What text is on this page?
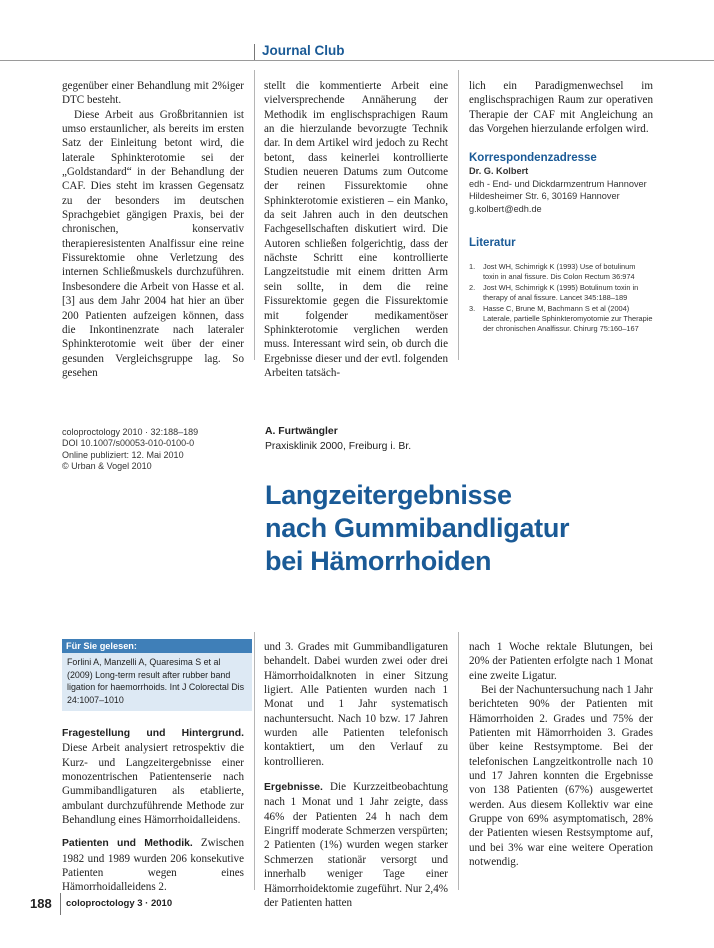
Journal Club

gegenüber einer Behandlung mit 2%iger DTC besteht.

Diese Arbeit aus Großbritannien ist umso erstaunlicher, als bereits im ersten Satz der Einleitung betont wird, die laterale Sphinkterotomie sei der „Goldstandard“ in der Behandlung der CAF. Dies steht im krassen Gegensatz zu der besonders im deutschen Sprachgebiet gängigen Praxis, bei der chronischen, konservativ therapieresistenten Analfissur eine reine Fissurektomie ohne Verletzung des internen Schließmuskels durchzuführen. Insbesondere die Arbeit von Hasse et al. [3] aus dem Jahr 2004 hat hier an über 200 Patienten aufzeigen können, dass die Inkontinenzrate nach lateraler Sphinkterotomie weit über der einer gesunden Vergleichsgruppe lag. So gesehen

stellt die kommentierte Arbeit eine vielversprechende Annäherung der Methodik im englischsprachigen Raum an die hierzulande bevorzugte Technik dar. In dem Artikel wird jedoch zu Recht betont, dass keinerlei kontrollierte Studien neueren Datums zum Outcome der reinen Fissurektomie ohne Sphinkterotomie existieren – ein Manko, da seit Jahren auch in den deutschen Fachgesellschaften diskutiert wird. Die Autoren schließen folgerichtig, dass der nächste Schritt eine kontrollierte Langzeitstudie mit einem dritten Arm sein sollte, in dem die reine Fissurektomie gegen die Fissurektomie mit folgender medikamentöser Sphinkterotomie verglichen werden muss. Interessant wird sein, ob durch die Ergebnisse dieser und der evtl. folgenden Arbeiten tatsäch-

lich ein Paradigmenwechsel im englischsprachigen Raum zur operativen Therapie der CAF mit Angleichung an das Vorgehen hierzulande erfolgen wird.

Korrespondenzadresse
Dr. G. Kolbert
edh - End- und Dickdarmzentrum Hannover
Hildesheimer Str. 6, 30169 Hannover
g.kolbert@edh.de
Literatur
1. Jost WH, Schimrigk K (1993) Use of botulinum toxin in anal fissure. Dis Colon Rectum 36:974
2. Jost WH, Schimrigk K (1995) Botulinum toxin in therapy of anal fissure. Lancet 345:188–189
3. Hasse C, Brune M, Bachmann S et al (2004) Laterale, partielle Sphinkteromyotomie zur Therapie der chronischen Analfissur. Chirurg 75:160–167
coloproctology 2010 · 32:188–189
DOI 10.1007/s00053-010-0100-0
Online publiziert: 12. Mai 2010
© Urban & Vogel 2010
A. Furtwängler
Praxisklinik 2000, Freiburg i. Br.
Langzeitergebnisse
nach Gummibandligatur
bei Hämorrhoiden
Für Sie gelesen:
Forlini A, Manzelli A, Quaresima S et al (2009) Long-term result after rubber band ligation for haemorrhoids. Int J Colorectal Dis 24:1007–1010

Fragestellung und Hintergrund. Diese Arbeit analysiert retrospektiv die Kurz- und Langzeitergebnisse einer monozentrischen Patientenserie nach Gummibandligaturen als etablierte, ambulant durchzuführende Methode zur Behandlung eines Hämorrhoidalleidens.

Patienten und Methodik. Zwischen 1982 und 1989 wurden 206 konsekutive Patienten wegen eines Hämorrhoidalleidens 2.

und 3. Grades mit Gummibandligaturen behandelt. Dabei wurden zwei oder drei Hämorrhoidalknoten in einer Sitzung ligiert. Alle Patienten wurden nach 1 Monat und 1 Jahr systematisch nachuntersucht. Nach 10 bzw. 17 Jahren wurden alle Patienten telefonisch kontaktiert, um den Verlauf zu kontrollieren.

Ergebnisse. Die Kurzzeitbeobachtung nach 1 Monat und 1 Jahr zeigte, dass 46% der Patienten 24 h nach dem Eingriff moderate Schmerzen verspürten; 2 Patienten (1%) wurden wegen starker Schmerzen stationär versorgt und innerhalb weniger Tage einer Hämorrhoidektomie zugeführt. Nur 2,4% der Patienten hatten

nach 1 Woche rektale Blutungen, bei 20% der Patienten erfolgte nach 1 Monat eine zweite Ligatur.

Bei der Nachuntersuchung nach 1 Jahr berichteten 90% der Patienten mit Hämorrhoiden 2. Grades und 75% der Patienten mit Hämorrhoiden 3. Grades über keine Restsymptome. Bei der telefonischen Langzeitkontrolle nach 10 und 17 Jahren konnten die Ergebnisse von 138 Patienten (67%) ausgewertet werden. Aus diesem Kollektiv war eine Gruppe von 69% asymptomatisch, 28% der Patienten wiesen Restsymptome auf, und bei 3% war eine weitere Operation notwendig.

188 coloproctology 3 · 2010
